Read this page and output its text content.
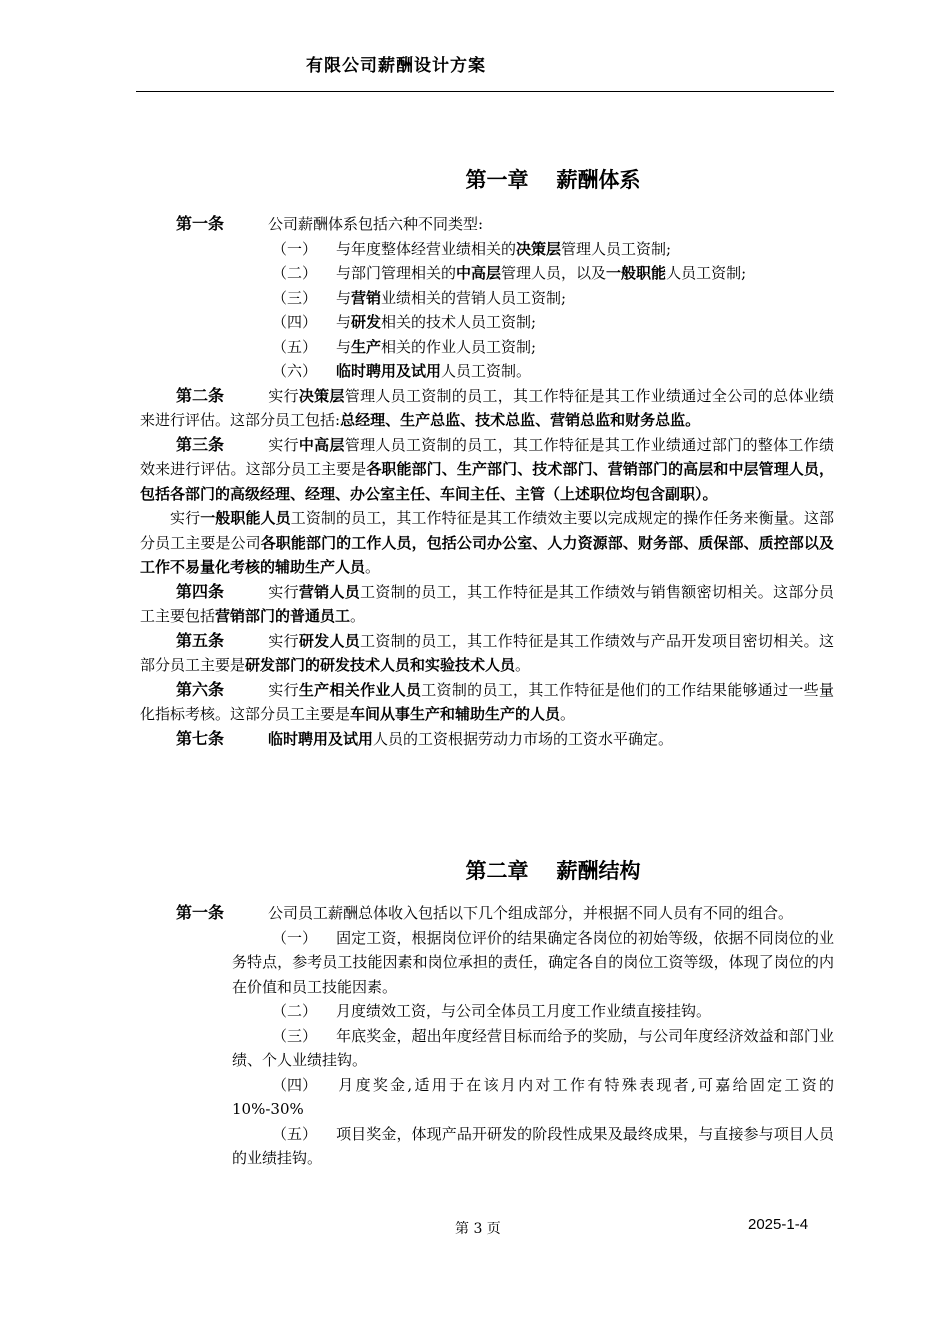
有限公司薪酬设计方案
第一章 薪酬体系

第一条	公司薪酬体系包括六种不同类型:

（一） 与年度整体经营业绩相关的决策层管理人员工资制;

（二） 与部门管理相关的中高层管理人员，以及一般职能人员工资制;

（三） 与营销业绩相关的营销人员工资制;

（四） 与研发相关的技术人员工资制;

（五） 与生产相关的作业人员工资制;

（六） 临时聘用及试用人员工资制。

第二条	实行决策层管理人员工资制的员工，其工作特征是其工作业绩通过全公司的总体业绩来进行评估。这部分员工包括:总经理、生产总监、技术总监、营销总监和财务总监。

第三条	实行中高层管理人员工资制的员工，其工作特征是其工作业绩通过部门的整体工作绩效来进行评估。这部分员工主要是各职能部门、生产部门、技术部门、营销部门的高层和中层管理人员，包括各部门的高级经理、经理、办公室主任、车间主任、主管（上述职位均包含副职）。

实行一般职能人员工资制的员工，其工作特征是其工作绩效主要以完成规定的操作任务来衡量。这部分员工主要是公司各职能部门的工作人员，包括公司办公室、人力资源部、财务部、质保部、质控部以及工作不易量化考核的辅助生产人员。

第四条	实行营销人员工资制的员工，其工作特征是其工作绩效与销售额密切相关。这部分员工主要包括营销部门的普通员工。

第五条	实行研发人员工资制的员工，其工作特征是其工作绩效与产品开发项目密切相关。这部分员工主要是研发部门的研发技术人员和实验技术人员。

第六条	实行生产相关作业人员工资制的员工，其工作特征是他们的工作结果能够通过一些量化指标考核。这部分员工主要是车间从事生产和辅助生产的人员。

第七条	临时聘用及试用人员的工资根据劳动力市场的工资水平确定。

第二章 薪酬结构

第一条	公司员工薪酬总体收入包括以下几个组成部分，并根据不同人员有不同的组合。

（一） 固定工资，根据岗位评价的结果确定各岗位的初始等级，依据不同岗位的业务特点，参考员工技能因素和岗位承担的责任，确定各自的岗位工资等级，体现了岗位的内在价值和员工技能因素。

（二） 月度绩效工资，与公司全体员工月度工作业绩直接挂钩。

（三） 年底奖金，超出年度经营目标而给予的奖励，与公司年度经济效益和部门业绩、个人业绩挂钩。

（四） 月度奖金,适用于在该月内对工作有特殊表现者,可嘉给固定工资的10%-30%

（五） 项目奖金，体现产品开研发的阶段性成果及最终成果，与直接参与项目人员的业绩挂钩。

第 3 页	2025-1-4
